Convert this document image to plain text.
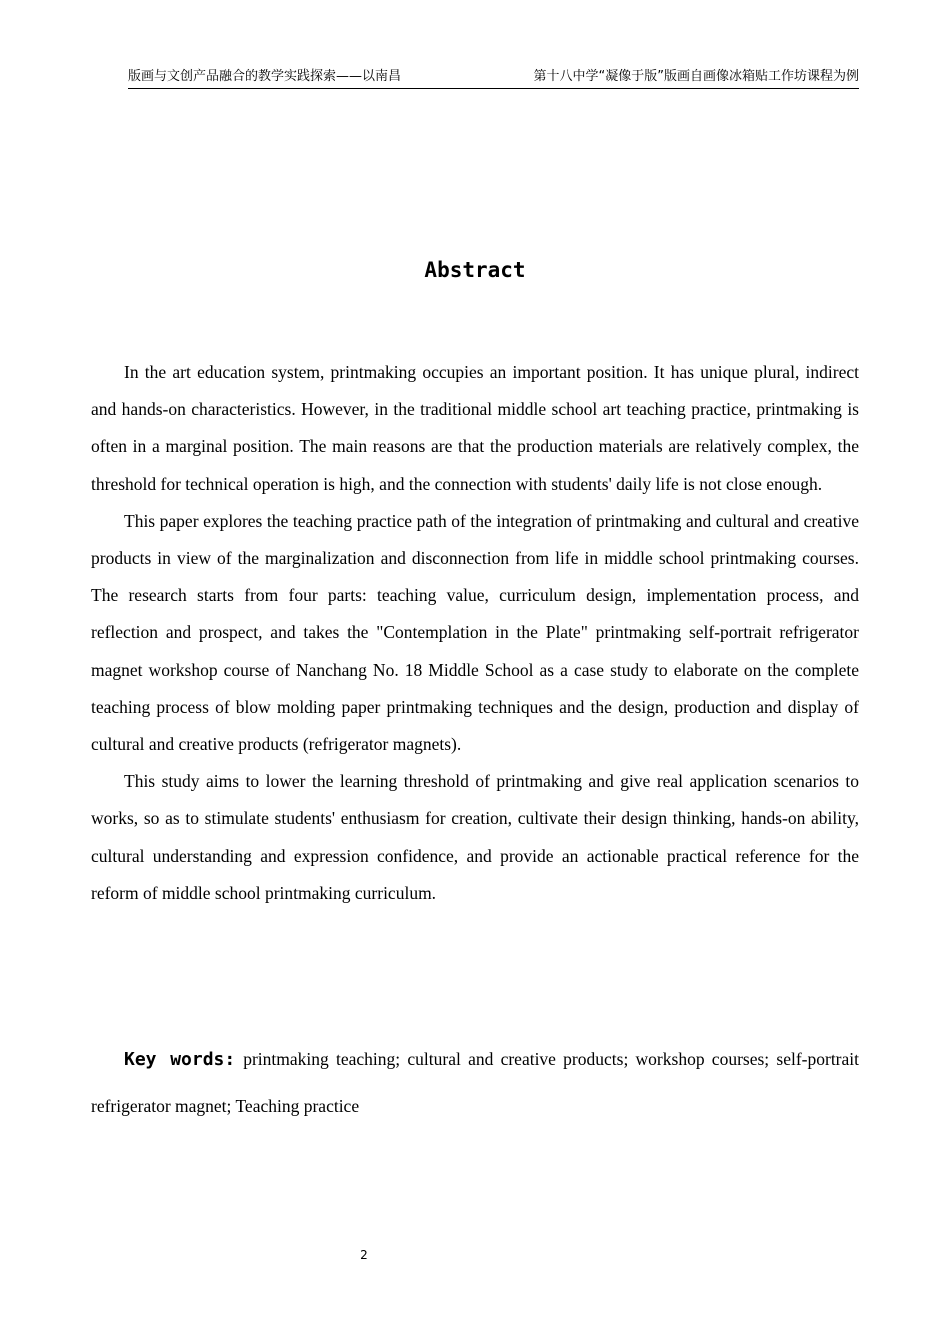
版画与文创产品融合的教学实践探索——以南昌	第十八中学“凝像于版”版画自画像冰箱贴工作坊课程为例
Abstract

In the art education system, printmaking occupies an important position. It has unique plural, indirect and hands-on characteristics. However, in the traditional middle school art teaching practice, printmaking is often in a marginal position. The main reasons are that the production materials are relatively complex, the threshold for technical operation is high, and the connection with students' daily life is not close enough.

This paper explores the teaching practice path of the integration of printmaking and cultural and creative products in view of the marginalization and disconnection from life in middle school printmaking courses. The research starts from four parts: teaching value, curriculum design, implementation process, and reflection and prospect, and takes the "Contemplation in the Plate" printmaking self-portrait refrigerator magnet workshop course of Nanchang No. 18 Middle School as a case study to elaborate on the complete teaching process of blow molding paper printmaking techniques and the design, production and display of cultural and creative products (refrigerator magnets).

This study aims to lower the learning threshold of printmaking and give real application scenarios to works, so as to stimulate students' enthusiasm for creation, cultivate their design thinking, hands-on ability, cultural understanding and expression confidence, and provide an actionable practical reference for the reform of middle school printmaking curriculum.

Key words: printmaking teaching; cultural and creative products; workshop courses; self-portrait refrigerator magnet; Teaching practice

2
